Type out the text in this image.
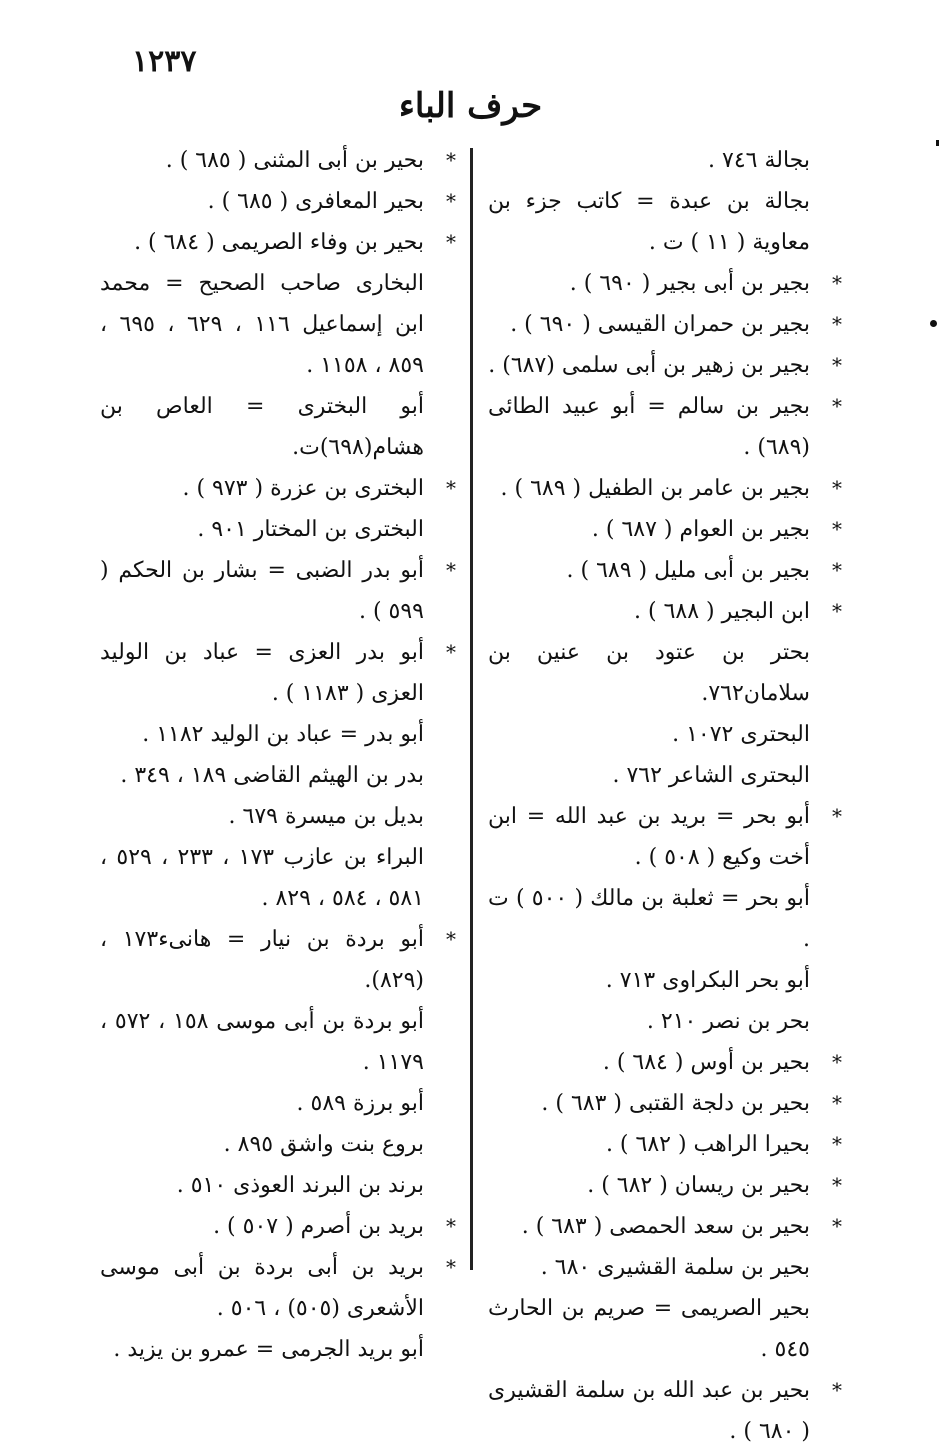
١٢٣٧
حرف الباء
بجالة ٧٤٦ .
بجالة بن عبدة = كاتب جزء بن معاوية ( ١١ ) ت .
*
بجير بن أبى بجير ( ٦٩٠ ) .
*
بجير بن حمران القيسى ( ٦٩٠ ) .
*
بجير بن زهير بن أبى سلمى (٦٨٧) .
*
بجير بن سالم = أبو عبيد الطائى (٦٨٩) .
*
بجير بن عامر بن الطفيل ( ٦٨٩ ) .
*
بجير بن العوام ( ٦٨٧ ) .
*
بجير بن أبى مليل ( ٦٨٩ ) .
*
ابن البجير ( ٦٨٨ ) .
بحتر بن عتود بن عنين بن سلامان٧٦٢.
البحترى ١٠٧٢ .
البحترى الشاعر ٧٦٢ .
*
أبو بحر = بريد بن عبد الله = ابن أخت وكيع ( ٥٠٨ ) .
أبو بحر = ثعلبة بن مالك ( ٥٠٠ ) ت .
أبو بحر البكراوى ٧١٣ .
بحر بن نصر ٢١٠ .
*
بحير بن أوس ( ٦٨٤ ) .
*
بحير بن دلجة القتبى ( ٦٨٣ ) .
*
بحيرا الراهب ( ٦٨٢ ) .
*
بحير بن ريسان ( ٦٨٢ ) .
*
بحير بن سعد الحمصى ( ٦٨٣ ) .
بحير بن سلمة القشيرى ٦٨٠ .
بحير الصريمى = صريم بن الحارث ٥٤٥ .
*
بحير بن عبد الله بن سلمة القشيرى ( ٦٨٠ ) .
*
بحير بن أبى المثنى ( ٦٨٥ ) .
*
بحير المعافرى ( ٦٨٥ ) .
*
بحير بن وفاء الصريمى ( ٦٨٤ ) .
البخارى صاحب الصحيح = محمد ابن إسماعيل ١١٦ ، ٦٢٩ ، ٦٩٥ ، ٨٥٩ ، ١١٥٨ .
أبو البخترى = العاص بن هشام(٦٩٨)ت.
*
البخترى بن عزرة ( ٩٧٣ ) .
البخترى بن المختار ٩٠١ .
*
أبو بدر الضبى = بشار بن الحكم ( ٥٩٩ ) .
*
أبو بدر العزى = عباد بن الوليد العزى ( ١١٨٣ ) .
أبو بدر = عباد بن الوليد ١١٨٢ .
بدر بن الهيثم القاضى ١٨٩ ، ٣٤٩ .
بديل بن ميسرة ٦٧٩ .
البراء بن عازب ١٧٣ ، ٢٣٣ ، ٥٢٩ ، ٥٨١ ، ٥٨٤ ، ٨٢٩ .
*
أبو بردة بن نيار = هانىء١٧٣ ، (٨٢٩).
أبو بردة بن أبى موسى ١٥٨ ، ٥٧٢ ، ١١٧٩ .
أبو برزة ٥٨٩ .
بروع بنت واشق ٨٩٥ .
برند بن البرند العوذى ٥١٠ .
*
بريد بن أصرم ( ٥٠٧ ) .
*
بريد بن أبى بردة بن أبى موسى الأشعرى (٥٠٥) ، ٥٠٦ .
أبو بريد الجرمى = عمرو بن يزيد .
